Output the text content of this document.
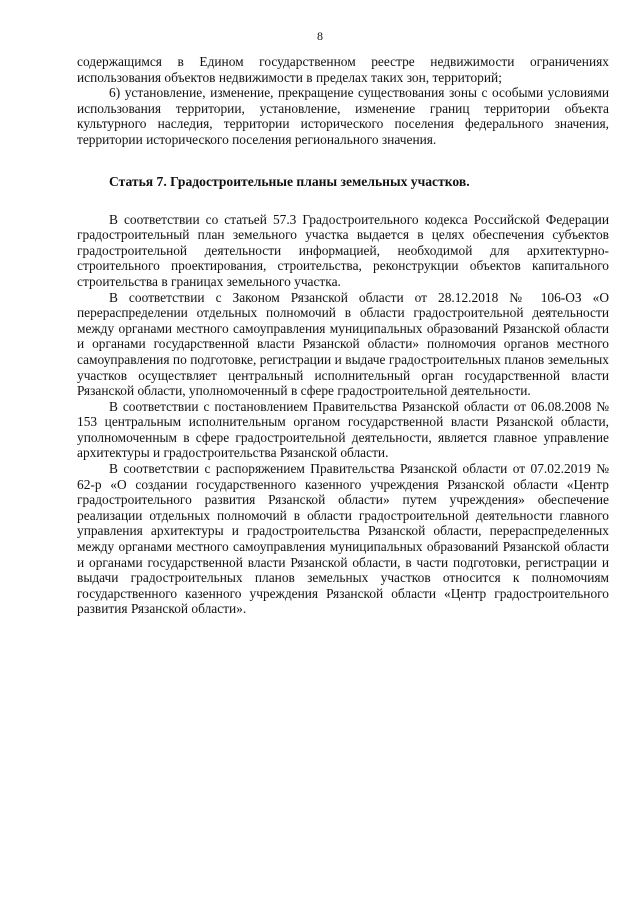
8

содержащимся в Едином государственном реестре недвижимости ограничениях использования объектов недвижимости в пределах таких зон, территорий;

6) установление, изменение, прекращение существования зоны с особыми условиями использования территории, установление, изменение границ территории объекта культурного наследия, территории исторического поселения федерального значения, территории исторического поселения регионального значения.

Статья 7. Градостроительные планы земельных участков.

В соответствии со статьей 57.3 Градостроительного кодекса Российской Федерации градостроительный план земельного участка выдается в целях обеспечения субъектов градостроительной деятельности информацией, необходимой для архитектурно-строительного проектирования, строительства, реконструкции объектов капитального строительства в границах земельного участка.

В соответствии с Законом Рязанской области от 28.12.2018 № 106-ОЗ «О перераспределении отдельных полномочий в области градостроительной деятельности между органами местного самоуправления муниципальных образований Рязанской области и органами государственной власти Рязанской области» полномочия органов местного самоуправления по подготовке, регистрации и выдаче градостроительных планов земельных участков осуществляет центральный исполнительный орган государственной власти Рязанской области, уполномоченный в сфере градостроительной деятельности.

В соответствии с постановлением Правительства Рязанской области от 06.08.2008 № 153 центральным исполнительным органом государственной власти Рязанской области, уполномоченным в сфере градостроительной деятельности, является главное управление архитектуры и градостроительства Рязанской области.

В соответствии с распоряжением Правительства Рязанской области от 07.02.2019 № 62-р «О создании государственного казенного учреждения Рязанской области «Центр градостроительного развития Рязанской области» путем учреждения» обеспечение реализации отдельных полномочий в области градостроительной деятельности главного управления архитектуры и градостроительства Рязанской области, перераспределенных между органами местного самоуправления муниципальных образований Рязанской области и органами государственной власти Рязанской области, в части подготовки, регистрации и выдачи градостроительных планов земельных участков относится к полномочиям государственного казенного учреждения Рязанской области «Центр градостроительного развития Рязанской области».
